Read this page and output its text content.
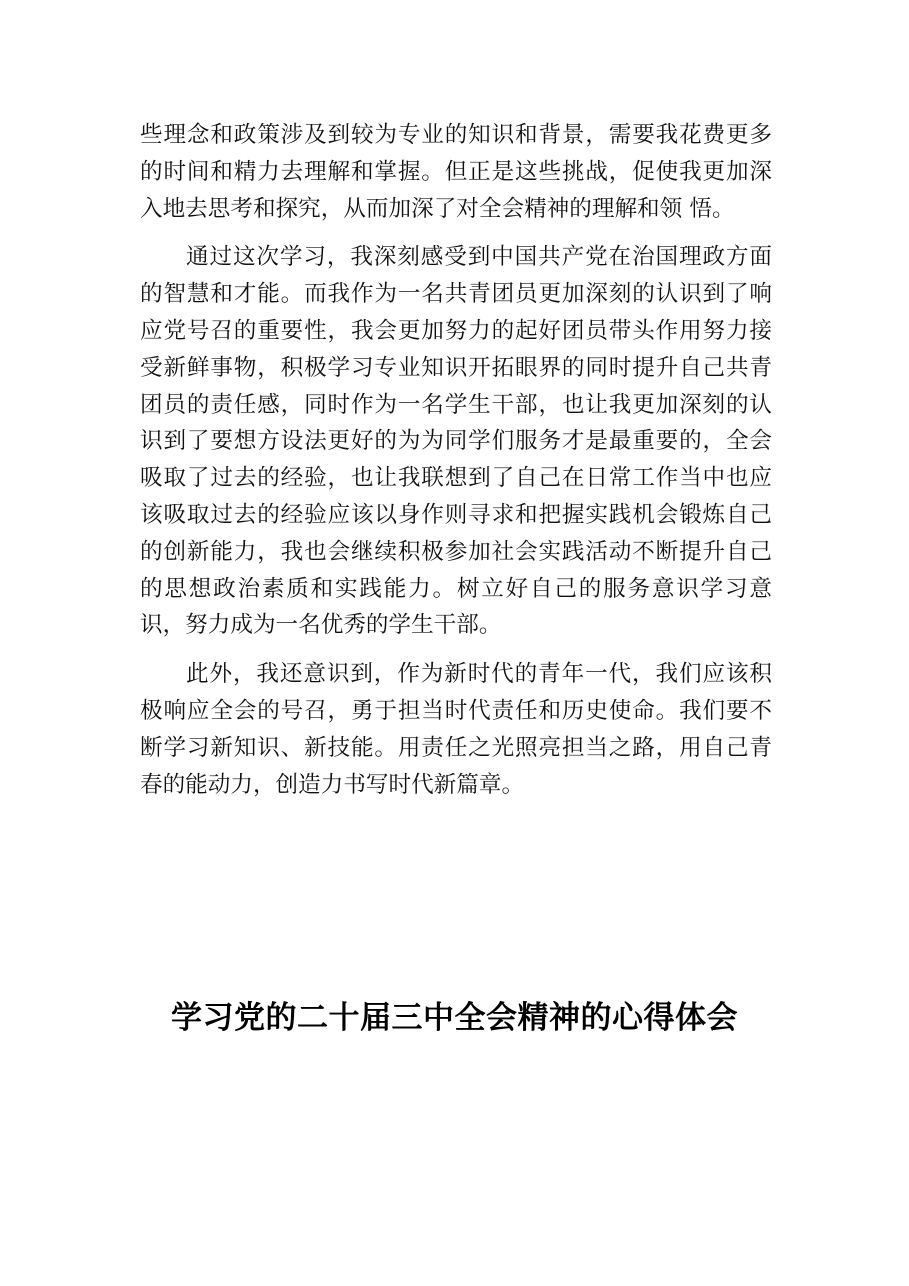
些理念和政策涉及到较为专业的知识和背景，需要我花费更多的时间和精力去理解和掌握。但正是这些挑战，促使我更加深入地去思考和探究，从而加深了对全会精神的理解和领 悟。

通过这次学习，我深刻感受到中国共产党在治国理政方面的智慧和才能。而我作为一名共青团员更加深刻的认识到了响应党号召的重要性，我会更加努力的起好团员带头作用努力接受新鲜事物，积极学习专业知识开拓眼界的同时提升自己共青团员的责任感，同时作为一名学生干部，也让我更加深刻的认识到了要想方设法更好的为为同学们服务才是最重要的，全会吸取了过去的经验，也让我联想到了自己在日常工作当中也应该吸取过去的经验应该以身作则寻求和把握实践机会锻炼自己的创新能力，我也会继续积极参加社会实践活动不断提升自己的思想政治素质和实践能力。树立好自己的服务意识学习意识，努力成为一名优秀的学生干部。

此外，我还意识到，作为新时代的青年一代，我们应该积极响应全会的号召，勇于担当时代责任和历史使命。我们要不断学习新知识、新技能。用责任之光照亮担当之路，用自己青春的能动力，创造力书写时代新篇章。

学习党的二十届三中全会精神的心得体会
